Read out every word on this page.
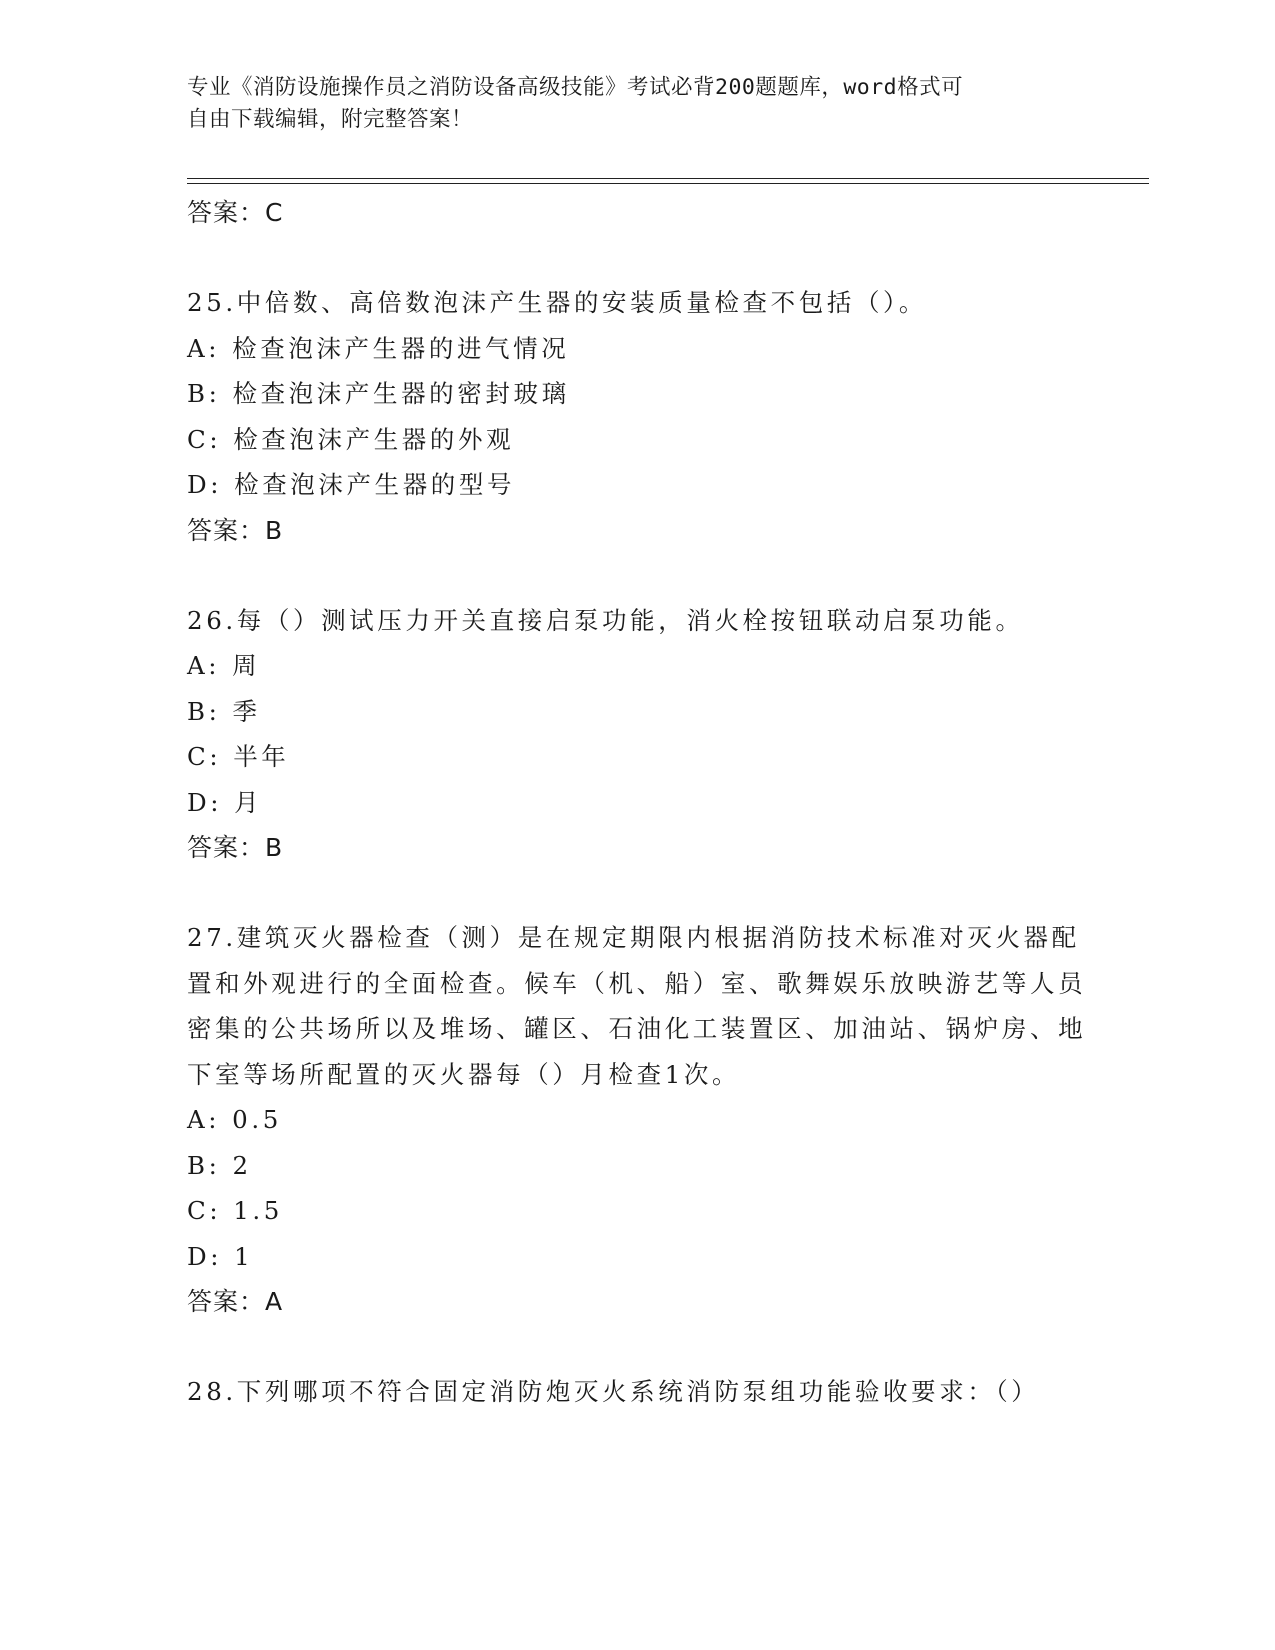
专业《消防设施操作员之消防设备高级技能》考试必背200题题库，word格式可
自由下载编辑，附完整答案！
答案：C
25.中倍数、高倍数泡沫产生器的安装质量检查不包括（）。
A: 检查泡沫产生器的进气情况
B: 检查泡沫产生器的密封玻璃
C: 检查泡沫产生器的外观
D: 检查泡沫产生器的型号
答案：B
26.每（）测试压力开关直接启泵功能，消火栓按钮联动启泵功能。
A: 周
B: 季
C: 半年
D: 月
答案：B
27.建筑灭火器检查（测）是在规定期限内根据消防技术标准对灭火器配置和外观进行的全面检查。候车（机、船）室、歌舞娱乐放映游艺等人员密集的公共场所以及堆场、罐区、石油化工装置区、加油站、锅炉房、地下室等场所配置的灭火器每（）月检查1次。
A: 0.5
B: 2
C: 1.5
D: 1
答案：A
28.下列哪项不符合固定消防炮灭火系统消防泵组功能验收要求：（）
